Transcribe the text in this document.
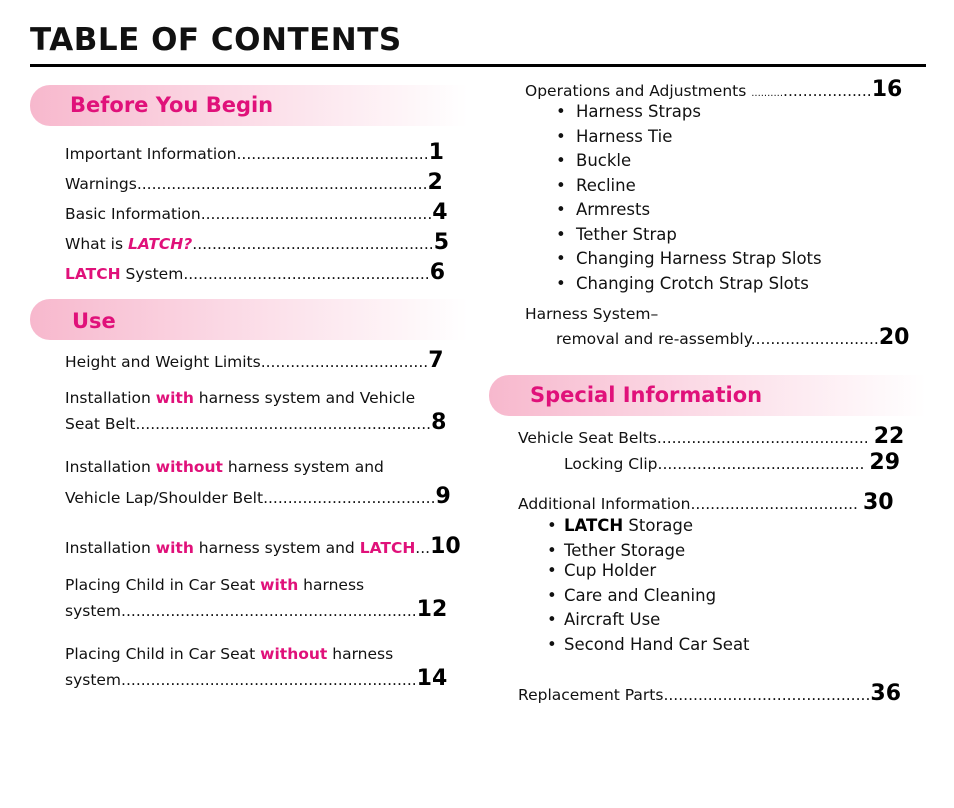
TABLE OF CONTENTS
Before You Begin
Important Information.......................................1
Warnings...........................................................2
Basic Information...............................................4
What is LATCH?.................................................5
LATCH System..................................................6
Use
Height and Weight Limits..................................7
Installation with harness system and Vehicle
Seat Belt............................................................8
Installation without harness system and
Vehicle Lap/Shoulder Belt...................................9
Installation with harness system and LATCH...10
Placing Child in Car Seat with harness
system............................................................12
Placing Child in Car Seat without harness
system............................................................14
Operations and Adjustments ............................16
• Harness Straps
• Harness Tie
• Buckle
• Recline
• Armrests
• Tether Strap
• Changing Harness Strap Slots
• Changing Crotch Strap Slots
Harness System–
removal and re-assembly..........................20
Special Information
Vehicle Seat Belts........................................... 22
Locking Clip.......................................... 29
Additional Information.................................. 30
• LATCH Storage
• Tether Storage
• Cup Holder
• Care and Cleaning
• Aircraft Use
• Second Hand Car Seat
Replacement Parts..........................................36
